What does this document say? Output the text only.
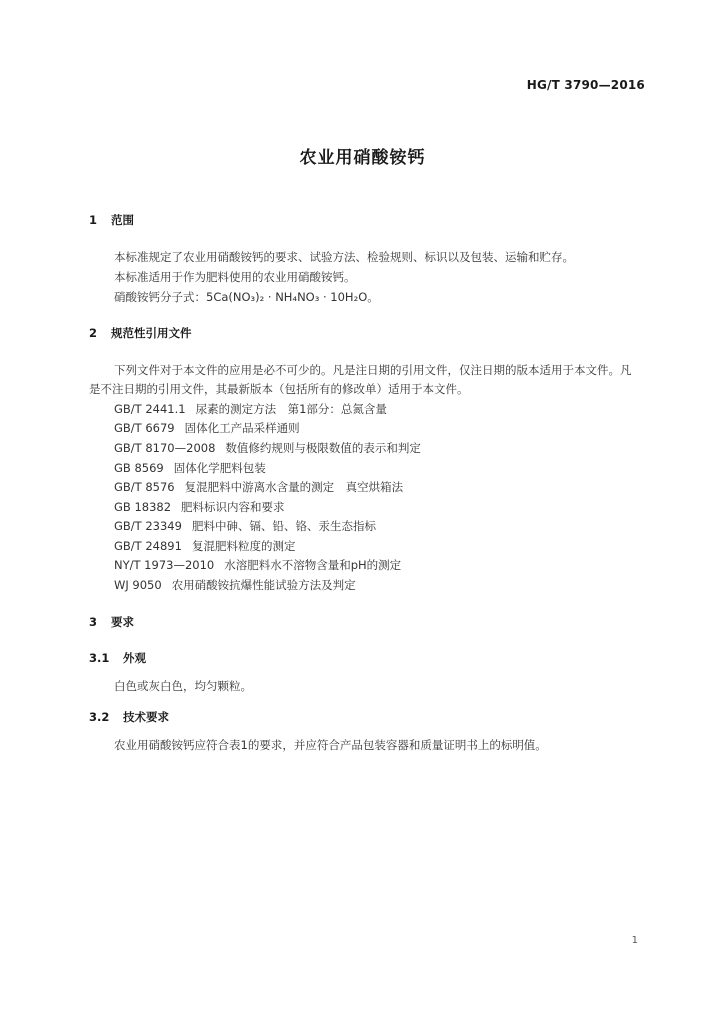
HG/T 3790—2016
农业用硝酸铵钙
1 范围
本标准规定了农业用硝酸铵钙的要求、试验方法、检验规则、标识以及包装、运输和贮存。
本标准适用于作为肥料使用的农业用硝酸铵钙。
硝酸铵钙分子式：5Ca(NO₃)₂ · NH₄NO₃ · 10H₂O。
2 规范性引用文件
下列文件对于本文件的应用是必不可少的。凡是注日期的引用文件，仅注日期的版本适用于本文件。凡是不注日期的引用文件，其最新版本（包括所有的修改单）适用于本文件。
GB/T 2441.1 尿素的测定方法　第1部分：总氮含量
GB/T 6679 固体化工产品采样通则
GB/T 8170—2008 数值修约规则与极限数值的表示和判定
GB 8569 固体化学肥料包装
GB/T 8576 复混肥料中游离水含量的测定　真空烘箱法
GB 18382 肥料标识内容和要求
GB/T 23349 肥料中砷、镉、铅、铬、汞生态指标
GB/T 24891 复混肥料粒度的测定
NY/T 1973—2010 水溶肥料水不溶物含量和pH的测定
WJ 9050 农用硝酸铵抗爆性能试验方法及判定
3 要求
3.1 外观
白色或灰白色，均匀颗粒。
3.2 技术要求
农业用硝酸铵钙应符合表1的要求，并应符合产品包装容器和质量证明书上的标明值。
1
